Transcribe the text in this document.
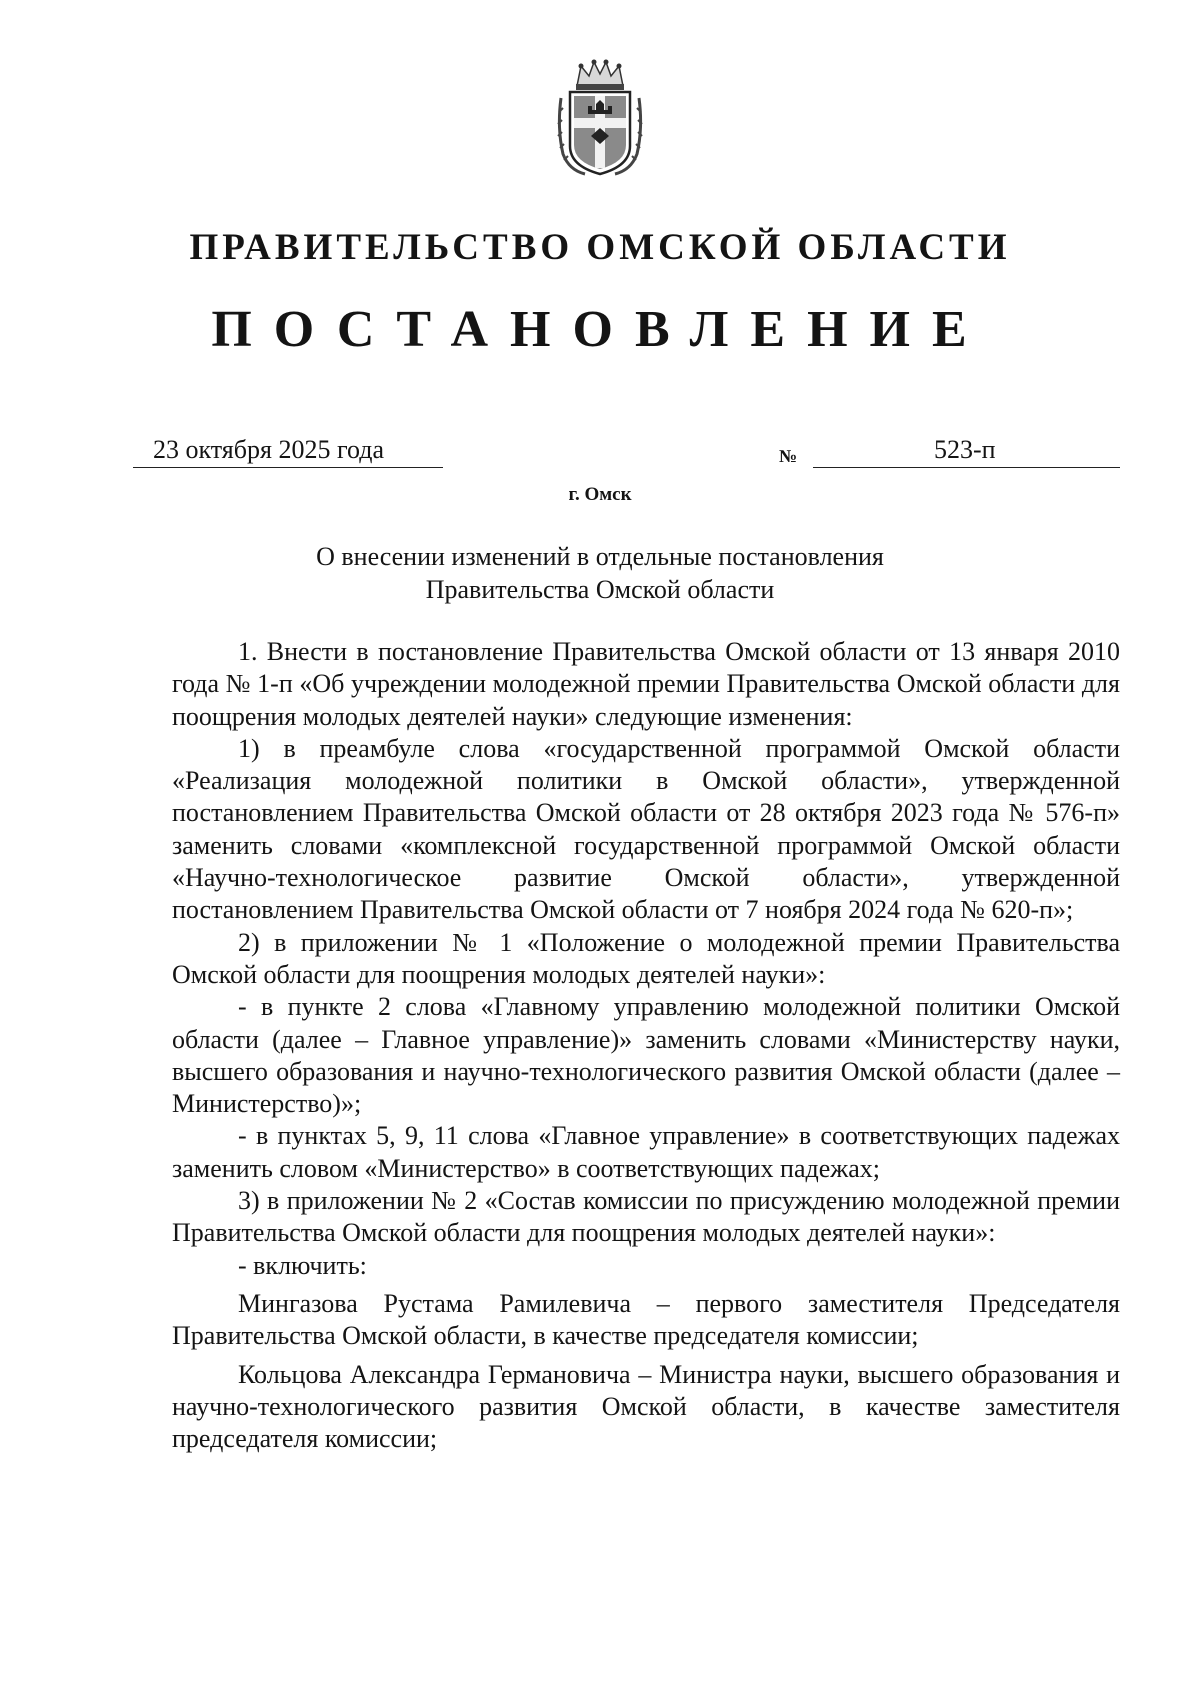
ПРАВИТЕЛЬСТВО ОМСКОЙ ОБЛАСТИ
ПОСТАНОВЛЕНИЕ
23 октября 2025 года	№	523-п
г. Омск
О внесении изменений в отдельные постановления
Правительства Омской области

1. Внести в постановление Правительства Омской области от 13 января 2010 года № 1-п «Об учреждении молодежной премии Правительства Омской области для поощрения молодых деятелей науки» следующие изменения:

1) в преамбуле слова «государственной программой Омской области «Реализация молодежной политики в Омской области», утвержденной постановлением Правительства Омской области от 28 октября 2023 года № 576-п» заменить словами «комплексной государственной программой Омской области «Научно-технологическое развитие Омской области», утвержденной постановлением Правительства Омской области от 7 ноября 2024 года № 620-п»;

2) в приложении № 1 «Положение о молодежной премии Правительства Омской области для поощрения молодых деятелей науки»:

- в пункте 2 слова «Главному управлению молодежной политики Омской области (далее – Главное управление)» заменить словами «Министерству науки, высшего образования и научно-технологического развития Омской области (далее – Министерство)»;

- в пунктах 5, 9, 11 слова «Главное управление» в соответствующих падежах заменить словом «Министерство» в соответствующих падежах;

3) в приложении № 2 «Состав комиссии по присуждению молодежной премии Правительства Омской области для поощрения молодых деятелей науки»:

- включить:

Мингазова Рустама Рамилевича – первого заместителя Председателя Правительства Омской области, в качестве председателя комиссии;

Кольцова Александра Германовича – Министра науки, высшего образования и научно-технологического развития Омской области, в качестве заместителя председателя комиссии;
